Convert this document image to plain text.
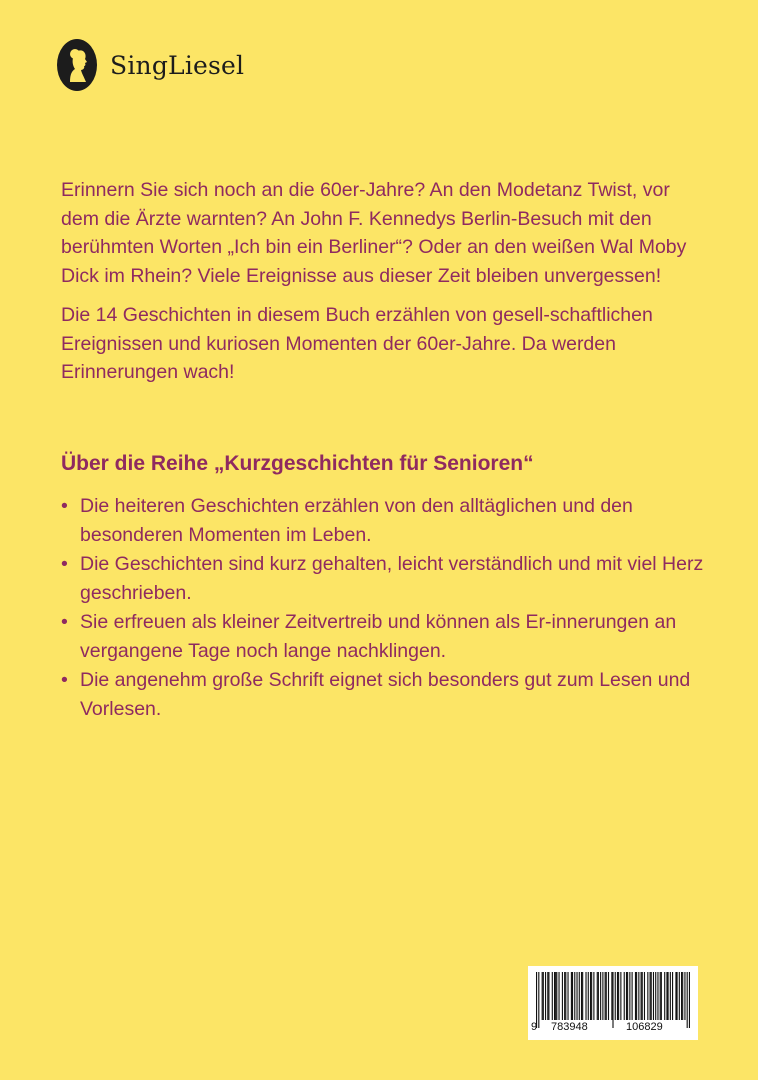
SingLiesel

Erinnern Sie sich noch an die 60er-Jahre? An den Modetanz Twist, vor dem die Ärzte warnten? An John F. Kennedys Berlin-Besuch mit den berühmten Worten „Ich bin ein Berliner“? Oder an den weißen Wal Moby Dick im Rhein? Viele Ereignisse aus dieser Zeit bleiben unvergessen!

Die 14 Geschichten in diesem Buch erzählen von gesell-schaftlichen Ereignissen und kuriosen Momenten der 60er-Jahre. Da werden Erinnerungen wach!

Über die Reihe „Kurzgeschichten für Senioren“
• Die heiteren Geschichten erzählen von den alltäglichen und den besonderen Momenten im Leben.
• Die Geschichten sind kurz gehalten, leicht verständlich und mit viel Herz geschrieben.
• Sie erfreuen als kleiner Zeitvertreib und können als Er-innerungen an vergangene Tage noch lange nachklingen.
• Die angenehm große Schrift eignet sich besonders gut zum Lesen und Vorlesen.
9 783948	106829
